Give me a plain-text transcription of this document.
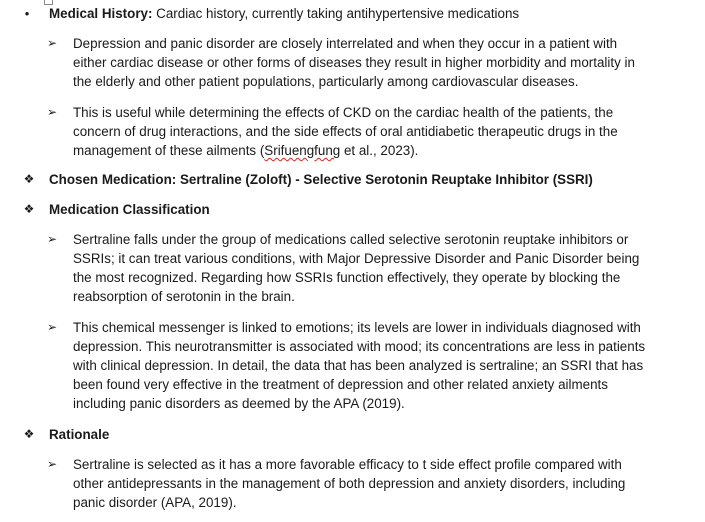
• Medical History: Cardiac history, currently taking antihypertensive medications
➢ Depression and panic disorder are closely interrelated and when they occur in a patient with
either cardiac disease or other forms of diseases they result in higher morbidity and mortality in
the elderly and other patient populations, particularly among cardiovascular diseases.
➢ This is useful while determining the effects of CKD on the cardiac health of the patients, the
concern of drug interactions, and the side effects of oral antidiabetic therapeutic drugs in the
management of these ailments (Srifuengfung et al., 2023).
❖ Chosen Medication: Sertraline (Zoloft) - Selective Serotonin Reuptake Inhibitor (SSRI)
❖ Medication Classification
➢ Sertraline falls under the group of medications called selective serotonin reuptake inhibitors or
SSRIs; it can treat various conditions, with Major Depressive Disorder and Panic Disorder being
the most recognized. Regarding how SSRIs function effectively, they operate by blocking the
reabsorption of serotonin in the brain.
➢ This chemical messenger is linked to emotions; its levels are lower in individuals diagnosed with
depression. This neurotransmitter is associated with mood; its concentrations are less in patients
with clinical depression. In detail, the data that has been analyzed is sertraline; an SSRI that has
been found very effective in the treatment of depression and other related anxiety ailments
including panic disorders as deemed by the APA (2019).
❖ Rationale
➢ Sertraline is selected as it has a more favorable efficacy to t side effect profile compared with
other antidepressants in the management of both depression and anxiety disorders, including
panic disorder (APA, 2019).
